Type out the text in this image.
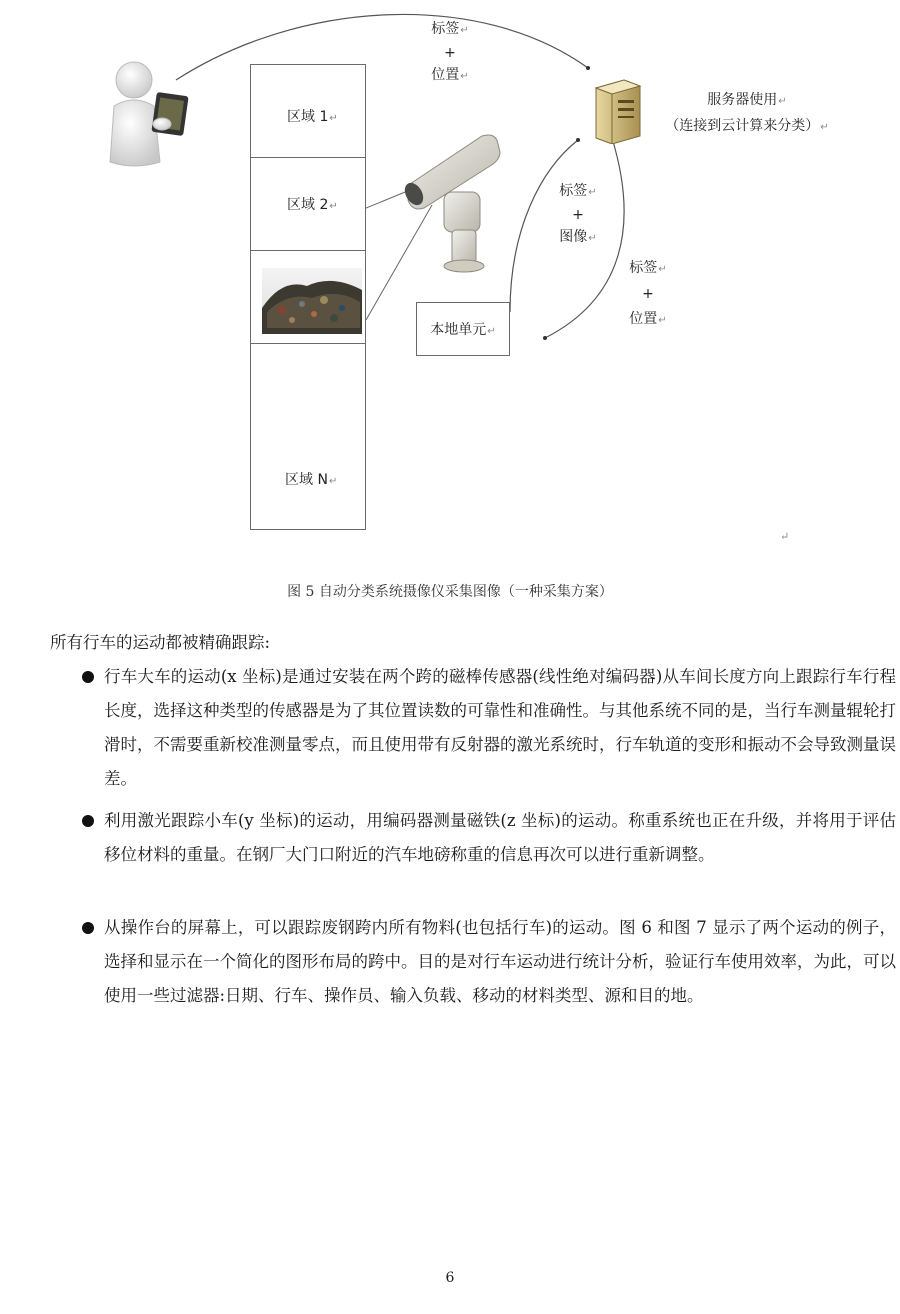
区域 1↵
区域 2↵
区域 N↵
标签↵
+
位置↵
服务器使用↵
（连接到云计算来分类）↵
标签↵
+
图像↵
标签↵
+
位置↵
本地单元↵
↵
图 5 自动分类系统摄像仪采集图像（一种采集方案）
所有行车的运动都被精确跟踪:
行车大车的运动(x 坐标)是通过安装在两个跨的磁棒传感器(线性绝对编码器)从车间长度方向上跟踪行车行程长度，选择这种类型的传感器是为了其位置读数的可靠性和准确性。与其他系统不同的是，当行车测量辊轮打滑时，不需要重新校准测量零点，而且使用带有反射器的激光系统时，行车轨道的变形和振动不会导致测量误差。
利用激光跟踪小车(y 坐标)的运动，用编码器测量磁铁(z 坐标)的运动。称重系统也正在升级，并将用于评估移位材料的重量。在钢厂大门口附近的汽车地磅称重的信息再次可以进行重新调整。
从操作台的屏幕上，可以跟踪废钢跨内所有物料(也包括行车)的运动。图 6 和图 7 显示了两个运动的例子，选择和显示在一个简化的图形布局的跨中。目的是对行车运动进行统计分析，验证行车使用效率，为此，可以使用一些过滤器:日期、行车、操作员、输入负载、移动的材料类型、源和目的地。
6
